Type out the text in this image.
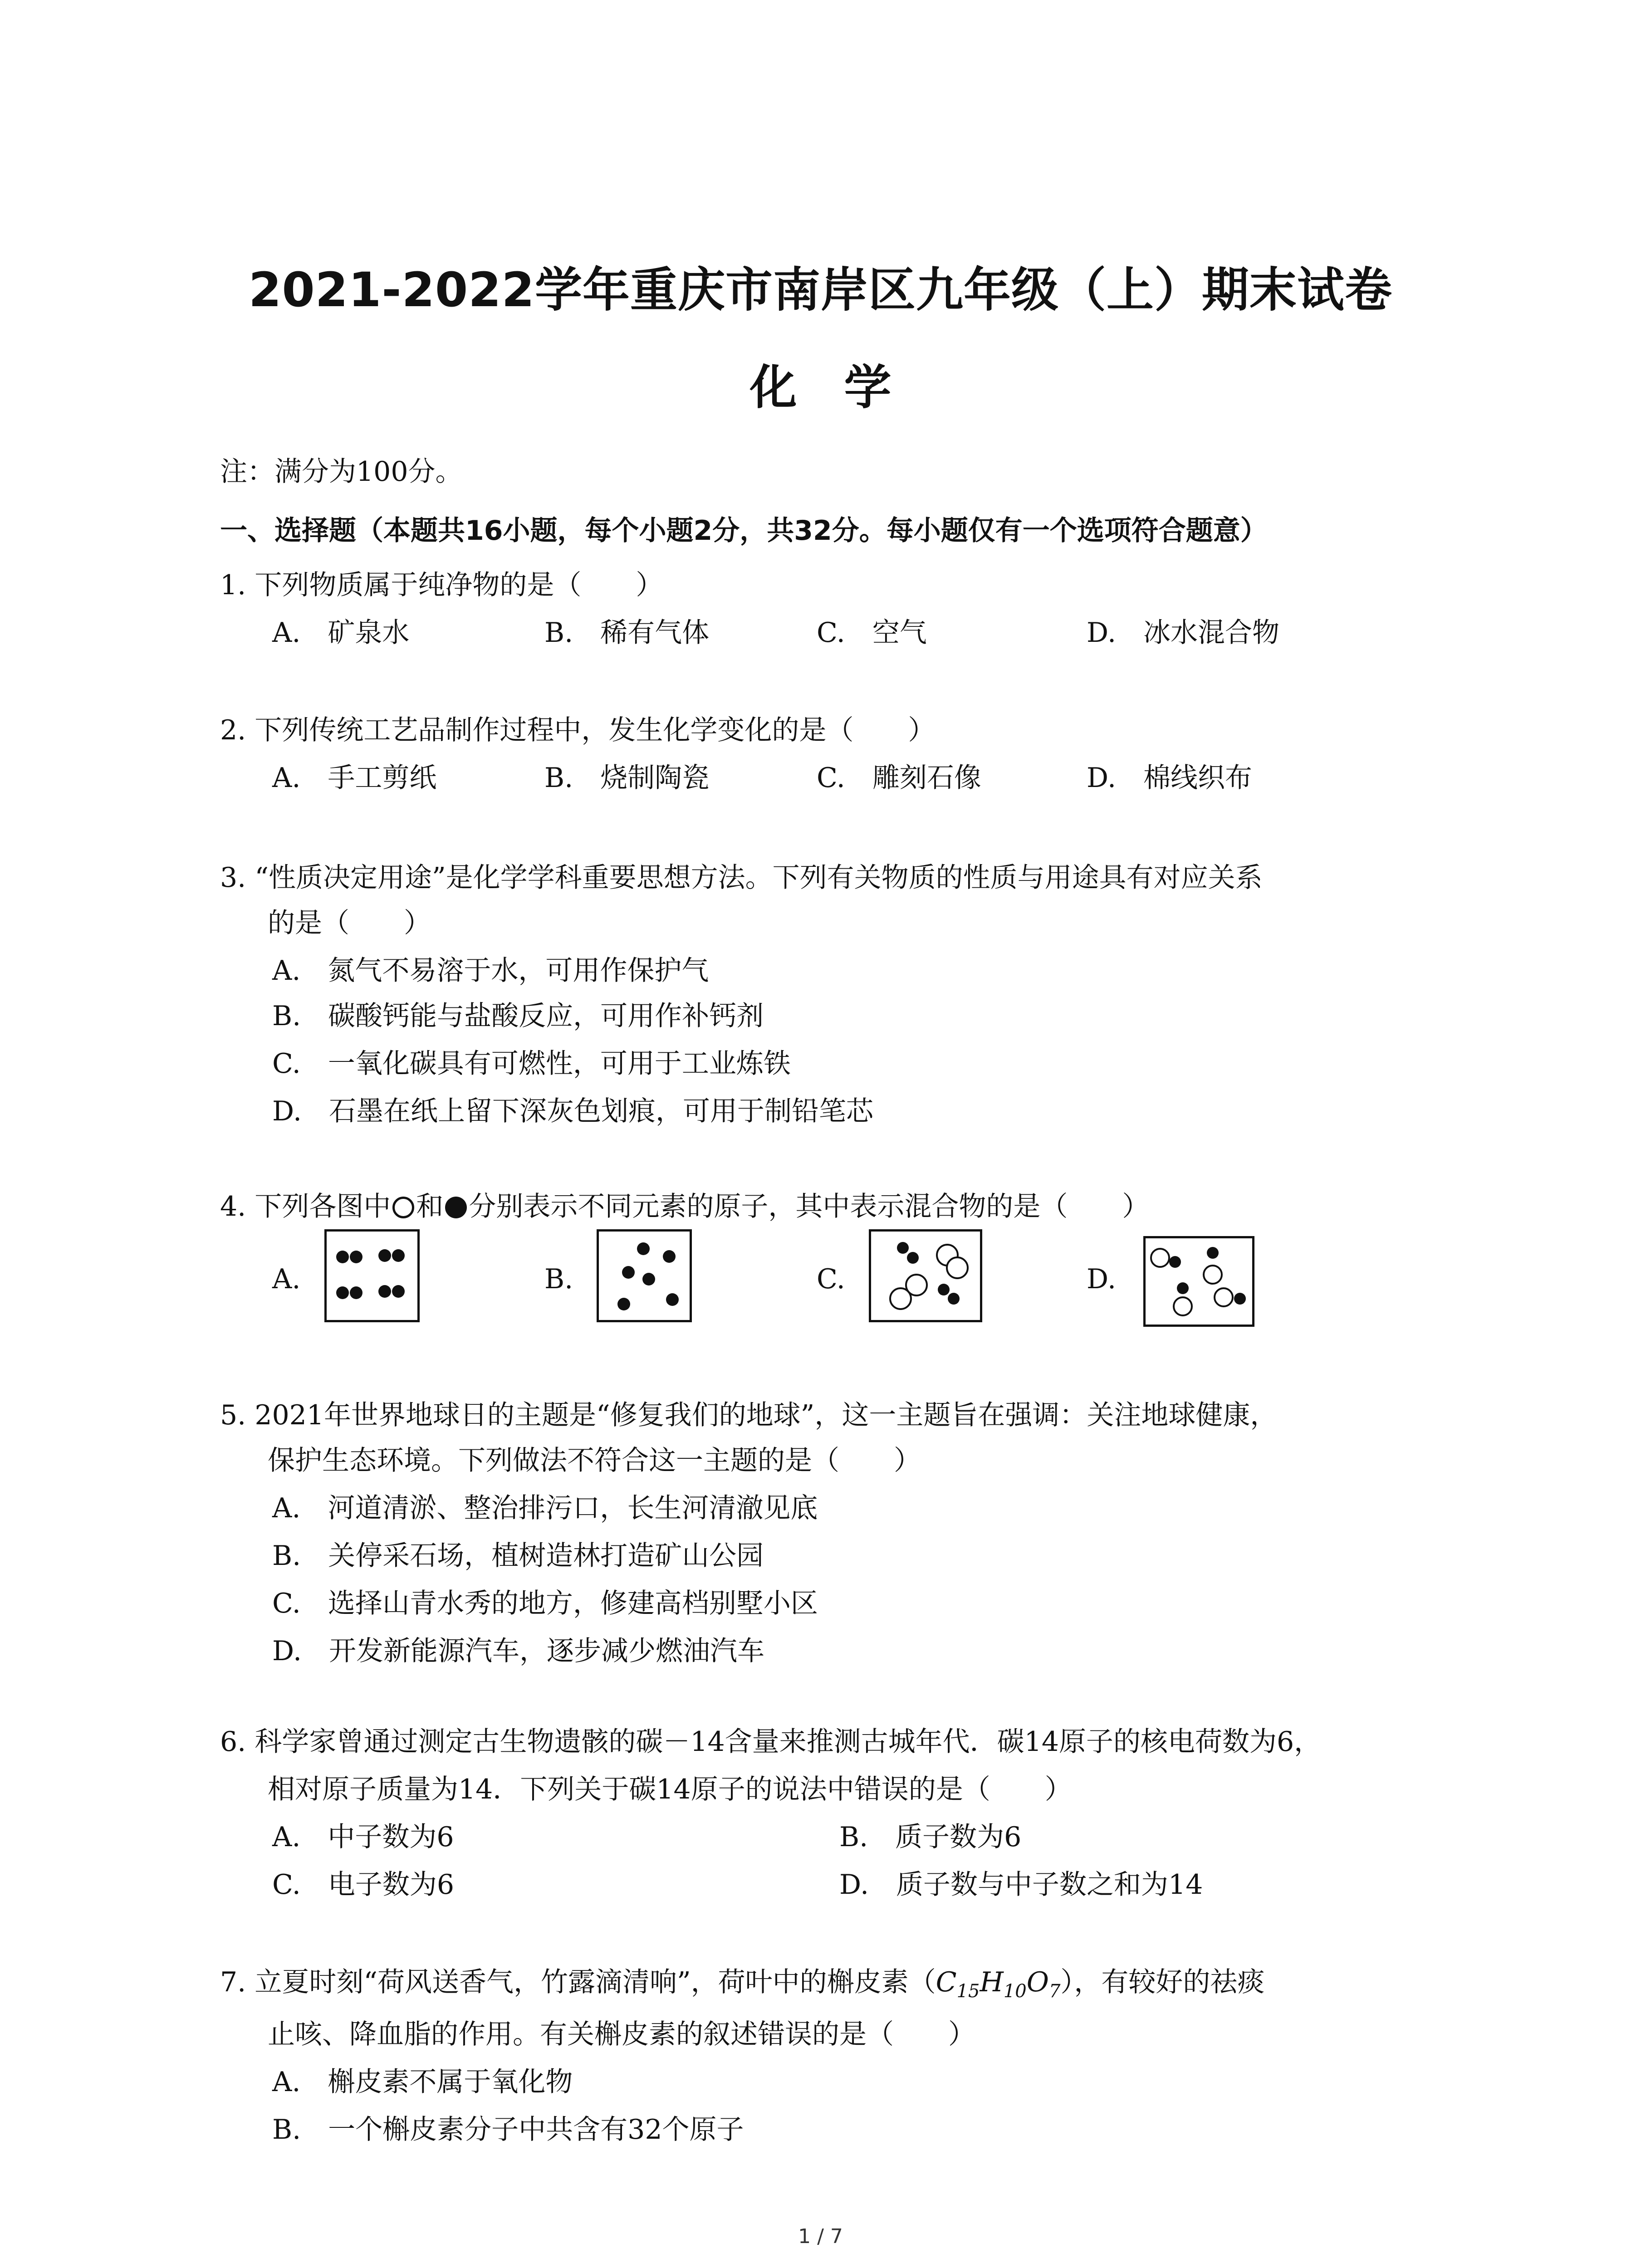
2021-2022学年重庆市南岸区九年级（上）期末试卷
化　学
注：满分为100分。
一、选择题（本题共16小题，每个小题2分，共32分。每小题仅有一个选项符合题意）
1. 下列物质属于纯净物的是（　　）
A.　矿泉水	B.　稀有气体	C.　空气	D.　冰水混合物
2. 下列传统工艺品制作过程中，发生化学变化的是（　　）
A.　手工剪纸	B.　烧制陶瓷	C.　雕刻石像	D.　棉线织布
3. “性质决定用途”是化学学科重要思想方法。下列有关物质的性质与用途具有对应关系
的是（　　）
A.　氮气不易溶于水，可用作保护气
B.　碳酸钙能与盐酸反应，可用作补钙剂
C.　一氧化碳具有可燃性，可用于工业炼铁
D.　石墨在纸上留下深灰色划痕，可用于制铅笔芯
4. 下列各图中 和 分别表示不同元素的原子，其中表示混合物的是（　　）
A.	B.	C.	D.
5. 2021年世界地球日的主题是“修复我们的地球”，这一主题旨在强调：关注地球健康，
保护生态环境。下列做法不符合这一主题的是（　　）
A.　河道清淤、整治排污口，长生河清澈见底
B.　关停采石场，植树造林打造矿山公园
C.　选择山青水秀的地方，修建高档别墅小区
D.　开发新能源汽车，逐步减少燃油汽车
6. 科学家曾通过测定古生物遗骸的碳－14含量来推测古城年代．碳14原子的核电荷数为6，
相对原子质量为14．下列关于碳14原子的说法中错误的是（　　）
A.　中子数为6	B.　质子数为6
C.　电子数为6	D.　质子数与中子数之和为14
7. 立夏时刻“荷风送香气，竹露滴清响”，荷叶中的槲皮素$(C_{15}H_{10}O_7)$，有较好的祛痰
止咳、降血脂的作用。有关槲皮素的叙述错误的是（　　）
A.　槲皮素不属于氧化物
B.　一个槲皮素分子中共含有32个原子
1 / 7
